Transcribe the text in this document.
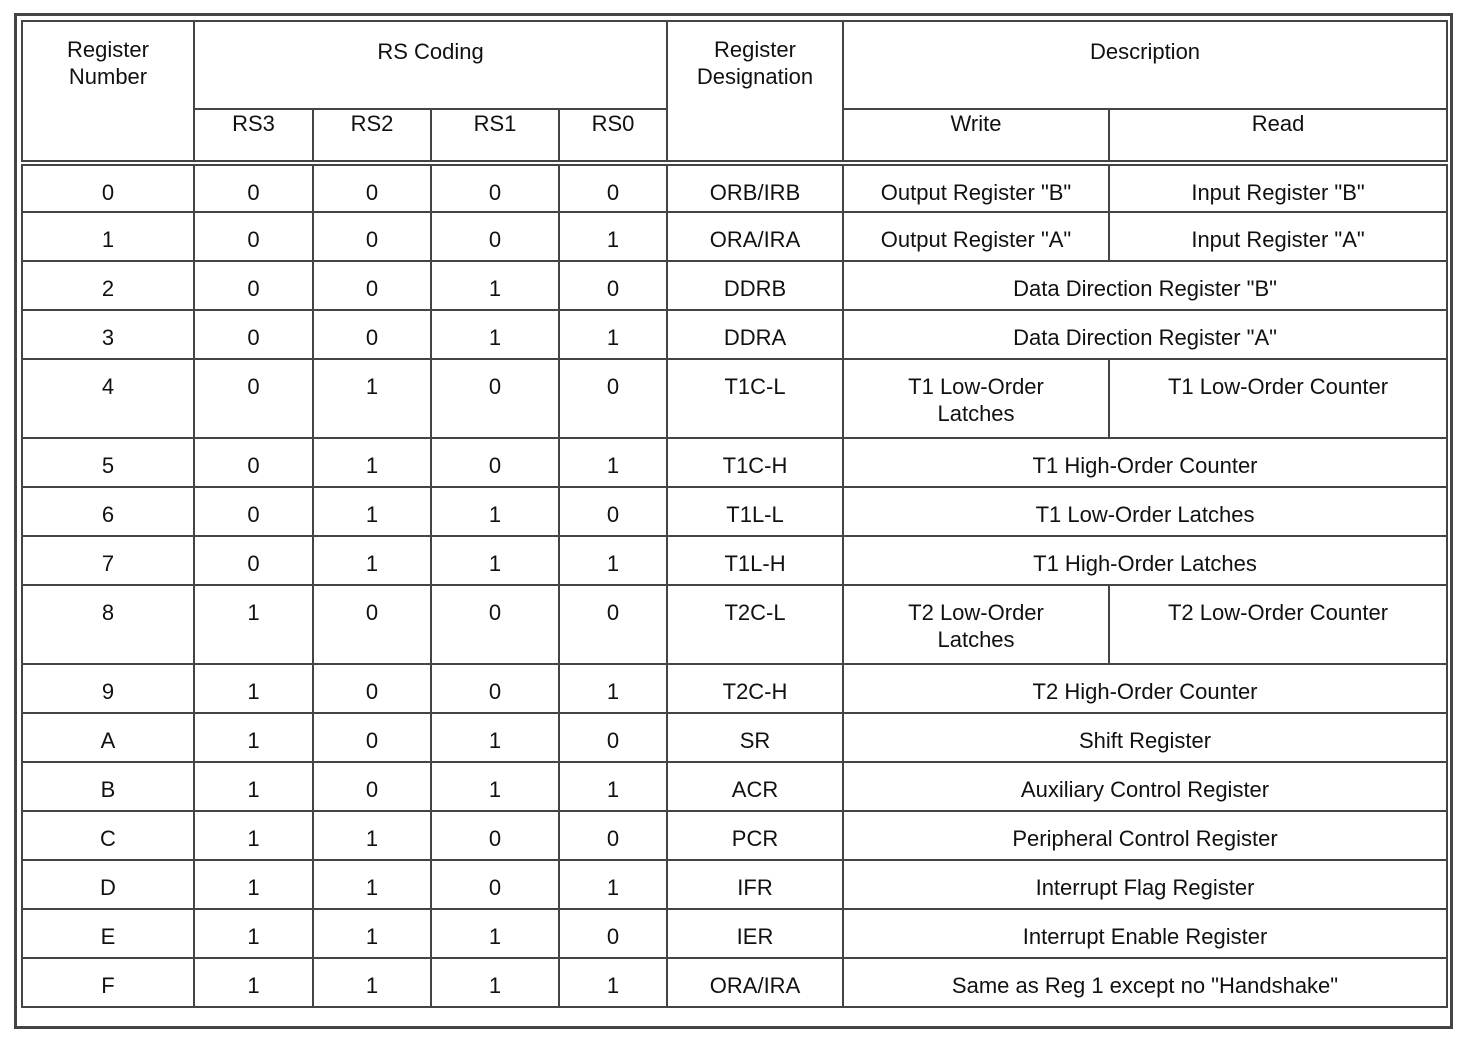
Register Number	RS Coding				Register Designation	Description	
	RS3	RS2	RS1	RS0		Write	Read
0	0	0	0	0	ORB/IRB	Output Register "B"	Input Register "B"
1	0	0	0	1	ORA/IRA	Output Register "A"	Input Register "A"
2	0	0	1	0	DDRB	Data Direction Register "B"	
3	0	0	1	1	DDRA	Data Direction Register "A"	
4	0	1	0	0	T1C-L	T1 Low-Order Latches	T1 Low-Order Counter
5	0	1	0	1	T1C-H	T1 High-Order Counter	
6	0	1	1	0	T1L-L	T1 Low-Order Latches	
7	0	1	1	1	T1L-H	T1 High-Order Latches	
8	1	0	0	0	T2C-L	T2 Low-Order Latches	T2 Low-Order Counter
9	1	0	0	1	T2C-H	T2 High-Order Counter	
A	1	0	1	0	SR	Shift Register	
B	1	0	1	1	ACR	Auxiliary Control Register	
C	1	1	0	0	PCR	Peripheral Control Register	
D	1	1	0	1	IFR	Interrupt Flag Register	
E	1	1	1	0	IER	Interrupt Enable Register	
F	1	1	1	1	ORA/IRA	Same as Reg 1 except no "Handshake"	
